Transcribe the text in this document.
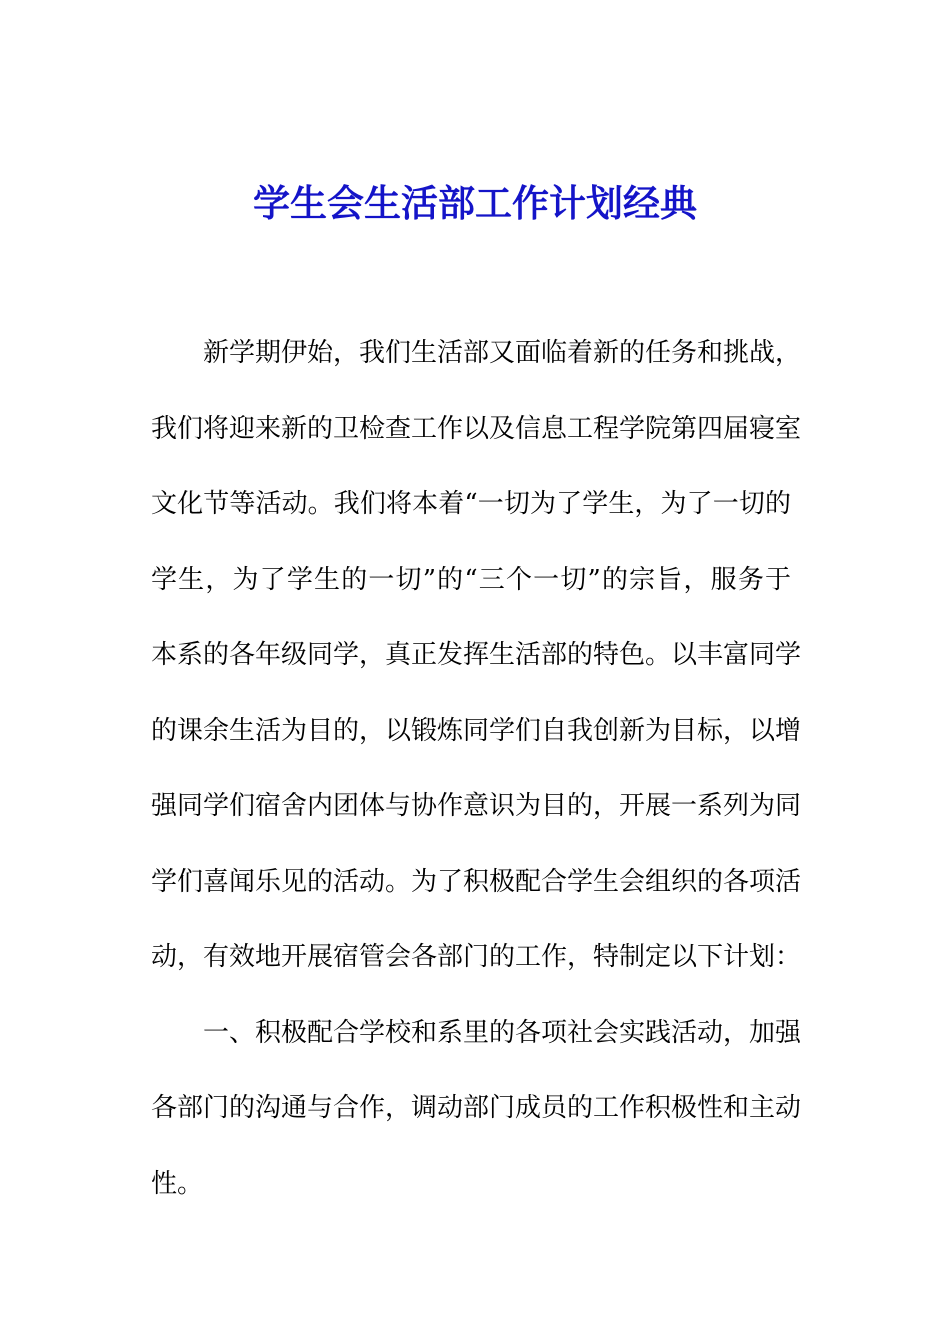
学生会生活部工作计划经典

新学期伊始，我们生活部又面临着新的任务和挑战，
我们将迎来新的卫检查工作以及信息工程学院第四届寝室
文化节等活动。我们将本着“一切为了学生，为了一切的
学生，为了学生的一切”的“三个一切”的宗旨，服务于
本系的各年级同学，真正发挥生活部的特色。以丰富同学
的课余生活为目的，以锻炼同学们自我创新为目标，以增
强同学们宿舍内团体与协作意识为目的，开展一系列为同
学们喜闻乐见的活动。为了积极配合学生会组织的各项活
动，有效地开展宿管会各部门的工作，特制定以下计划：

一、积极配合学校和系里的各项社会实践活动，加强
各部门的沟通与合作，调动部门成员的工作积极性和主动
性。
